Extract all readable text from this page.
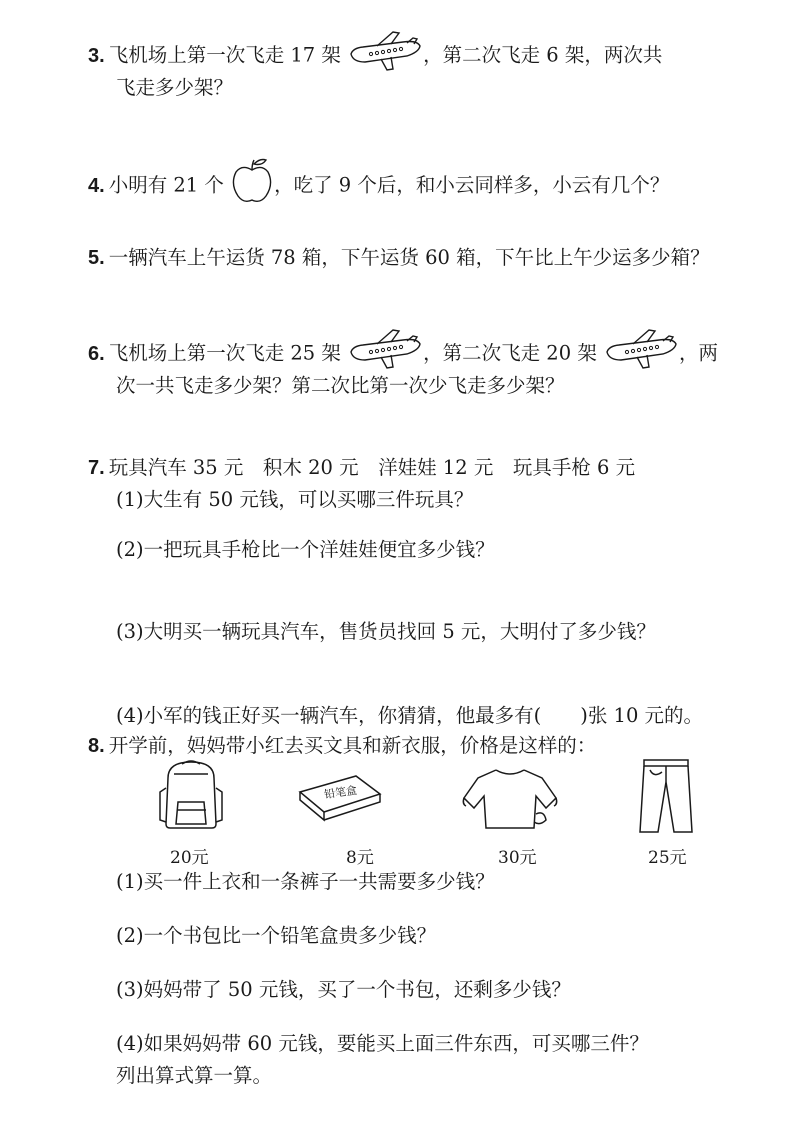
3. 飞机场上第一次飞走 17 架	，第二次飞走 6 架，两次共
飞走多少架？
4. 小明有 21 个	，吃了 9 个后，和小云同样多，小云有几个？
5. 一辆汽车上午运货 78 箱，下午运货 60 箱，下午比上午少运多少箱？
6. 飞机场上第一次飞走 25 架	，第二次飞走 20 架	，两
次一共飞走多少架？第二次比第一次少飞走多少架？
7. 玩具汽车 35 元　积木 20 元　洋娃娃 12 元　玩具手枪 6 元
(1)大生有 50 元钱，可以买哪三件玩具？
(2)一把玩具手枪比一个洋娃娃便宜多少钱？
(3)大明买一辆玩具汽车，售货员找回 5 元，大明付了多少钱？
(4)小军的钱正好买一辆汽车，你猜猜，他最多有(　　)张 10 元的。
8. 开学前，妈妈带小红去买文具和新衣服，价格是这样的：
铅笔盒
20元	8元	30元	25元
(1)买一件上衣和一条裤子一共需要多少钱？
(2)一个书包比一个铅笔盒贵多少钱？
(3)妈妈带了 50 元钱，买了一个书包，还剩多少钱？
(4)如果妈妈带 60 元钱，要能买上面三件东西，可买哪三件？
列出算式算一算。
